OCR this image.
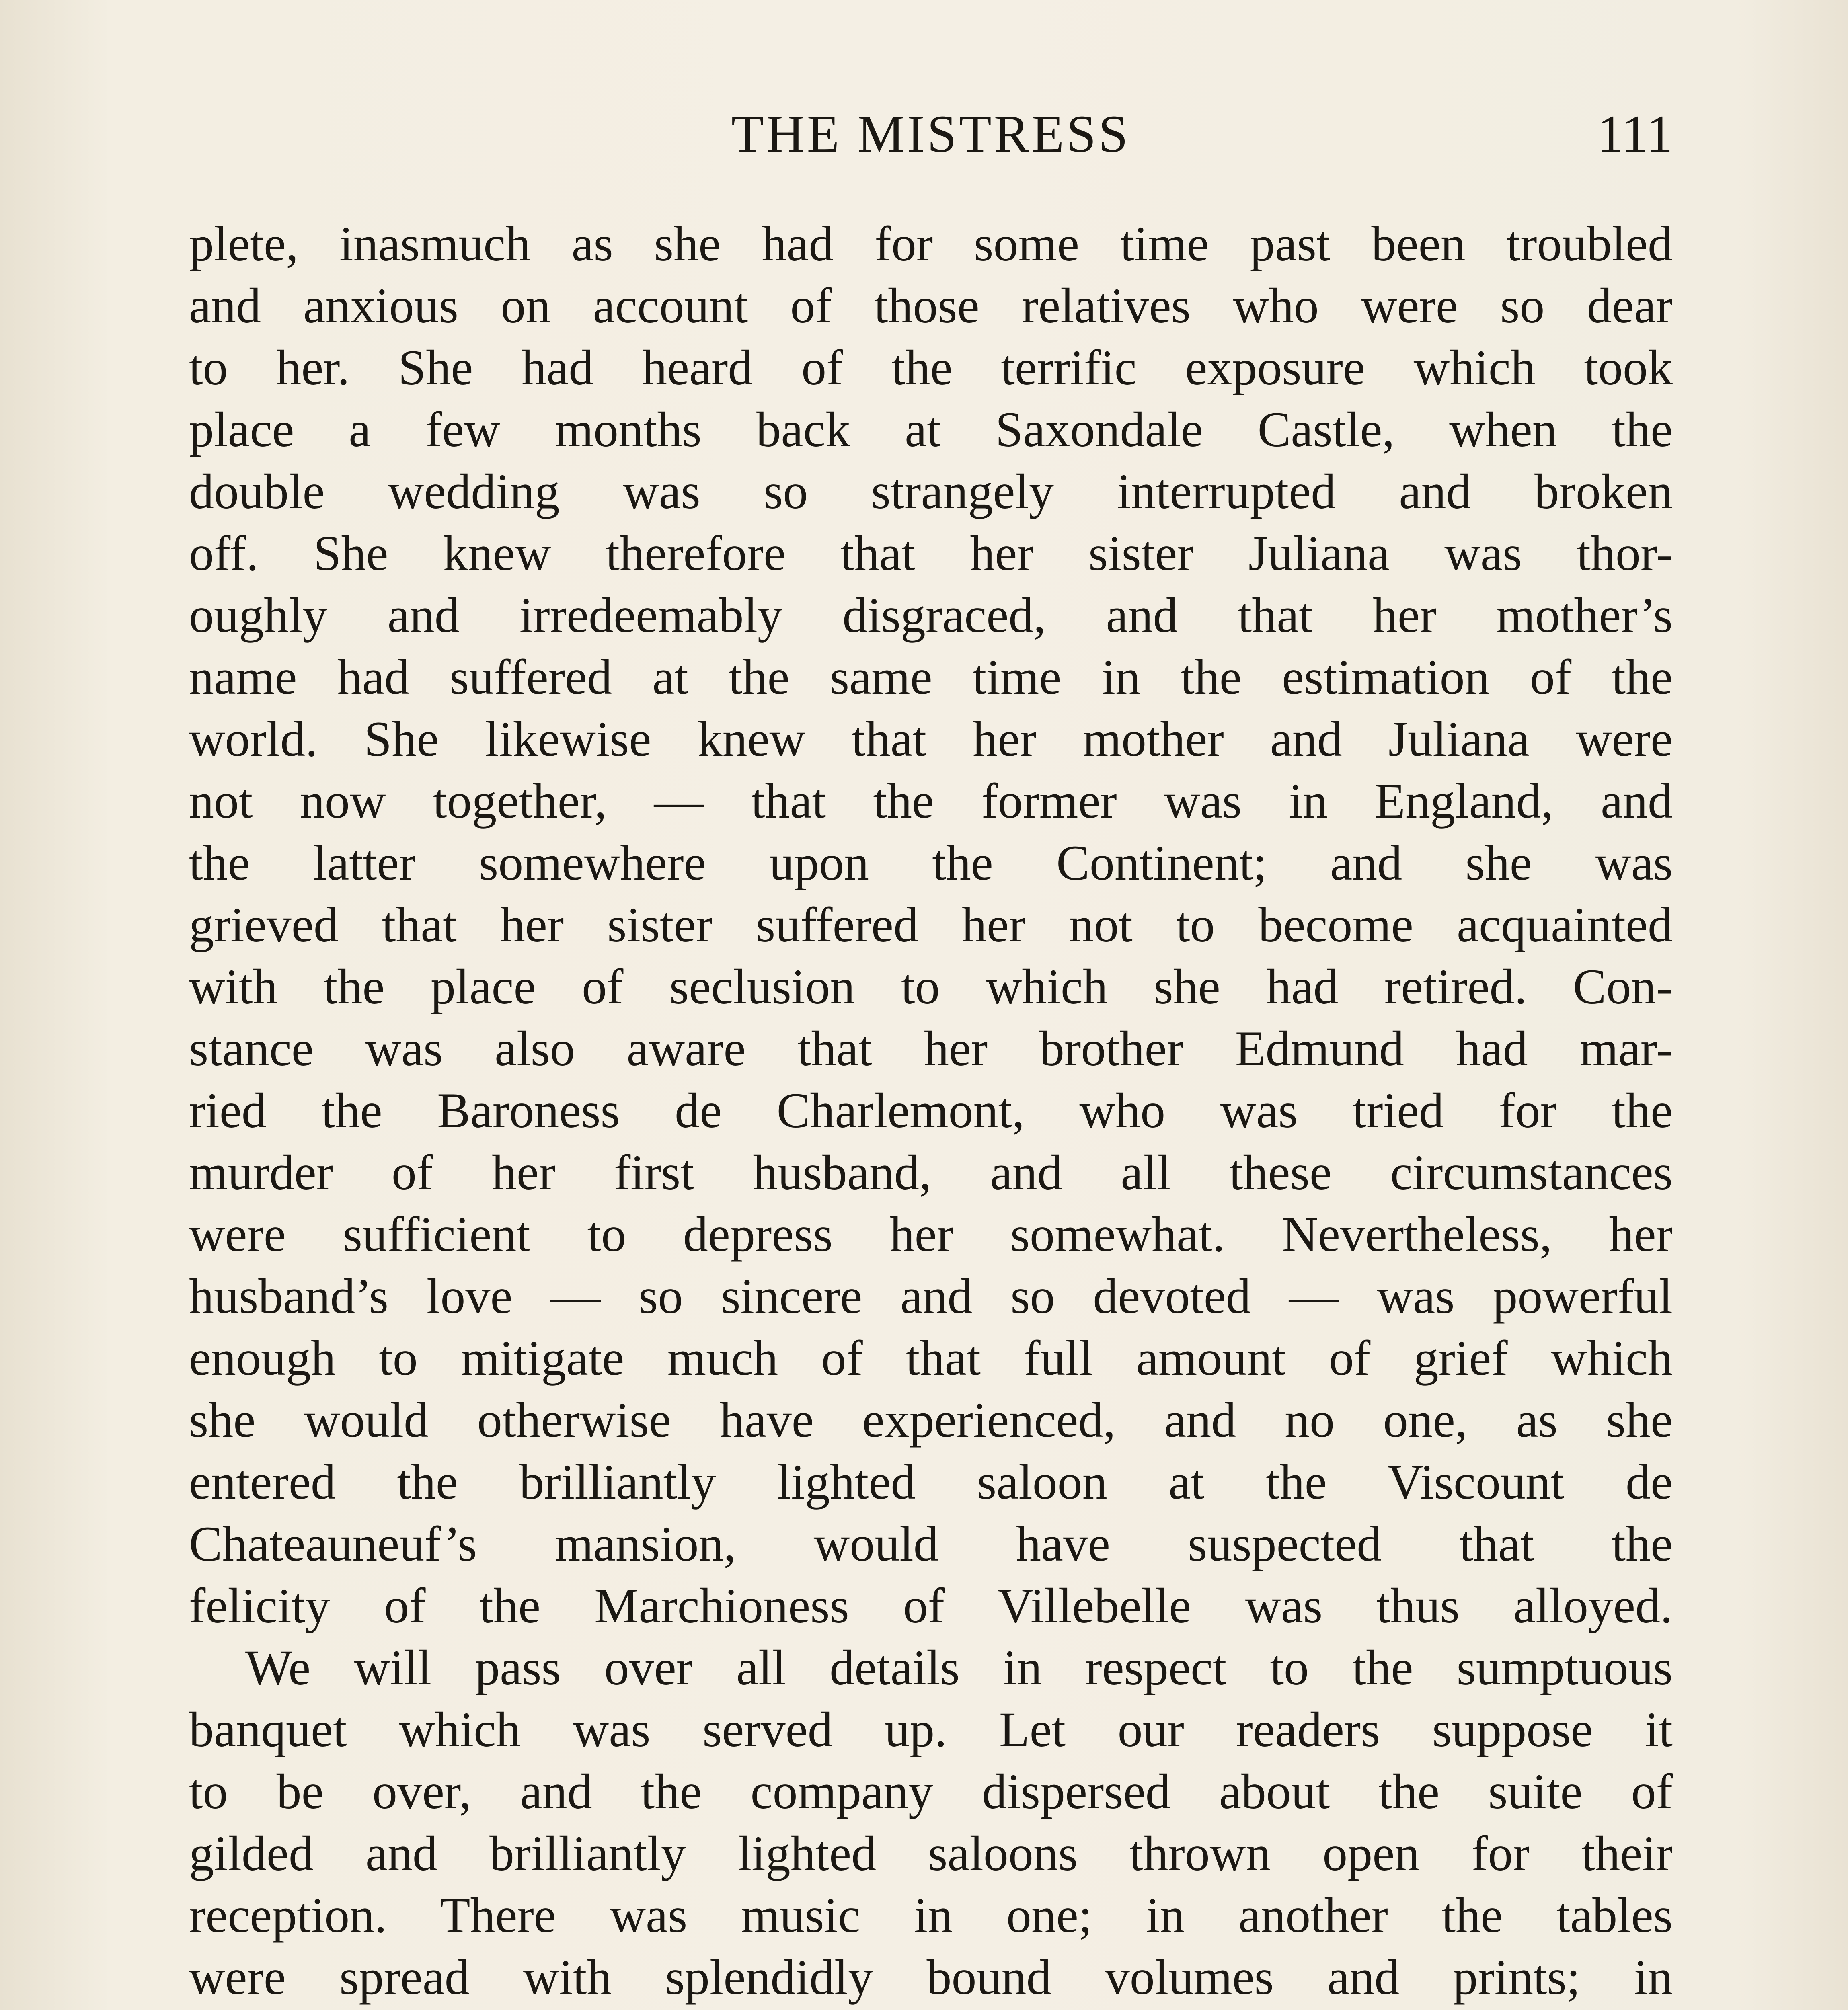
THE MISTRESS	111
plete, inasmuch as she had for some time past been troubled
and anxious on account of those relatives who were so dear
to her. She had heard of the terrific exposure which took
place a few months back at Saxondale Castle, when the
double wedding was so strangely interrupted and broken
off. She knew therefore that her sister Juliana was thor-
oughly and irredeemably disgraced, and that her mother’s
name had suffered at the same time in the estimation of the
world. She likewise knew that her mother and Juliana were
not now together, — that the former was in England, and
the latter somewhere upon the Continent; and she was
grieved that her sister suffered her not to become acquainted
with the place of seclusion to which she had retired. Con-
stance was also aware that her brother Edmund had mar-
ried the Baroness de Charlemont, who was tried for the
murder of her first husband, and all these circumstances
were sufficient to depress her somewhat. Nevertheless, her
husband’s love — so sincere and so devoted — was powerful
enough to mitigate much of that full amount of grief which
she would otherwise have experienced, and no one, as she
entered the brilliantly lighted saloon at the Viscount de
Chateauneuf’s mansion, would have suspected that the
felicity of the Marchioness of Villebelle was thus alloyed.
We will pass over all details in respect to the sumptuous
banquet which was served up. Let our readers suppose it
to be over, and the company dispersed about the suite of
gilded and brilliantly lighted saloons thrown open for their
reception. There was music in one; in another the tables
were spread with splendidly bound volumes and prints; in
